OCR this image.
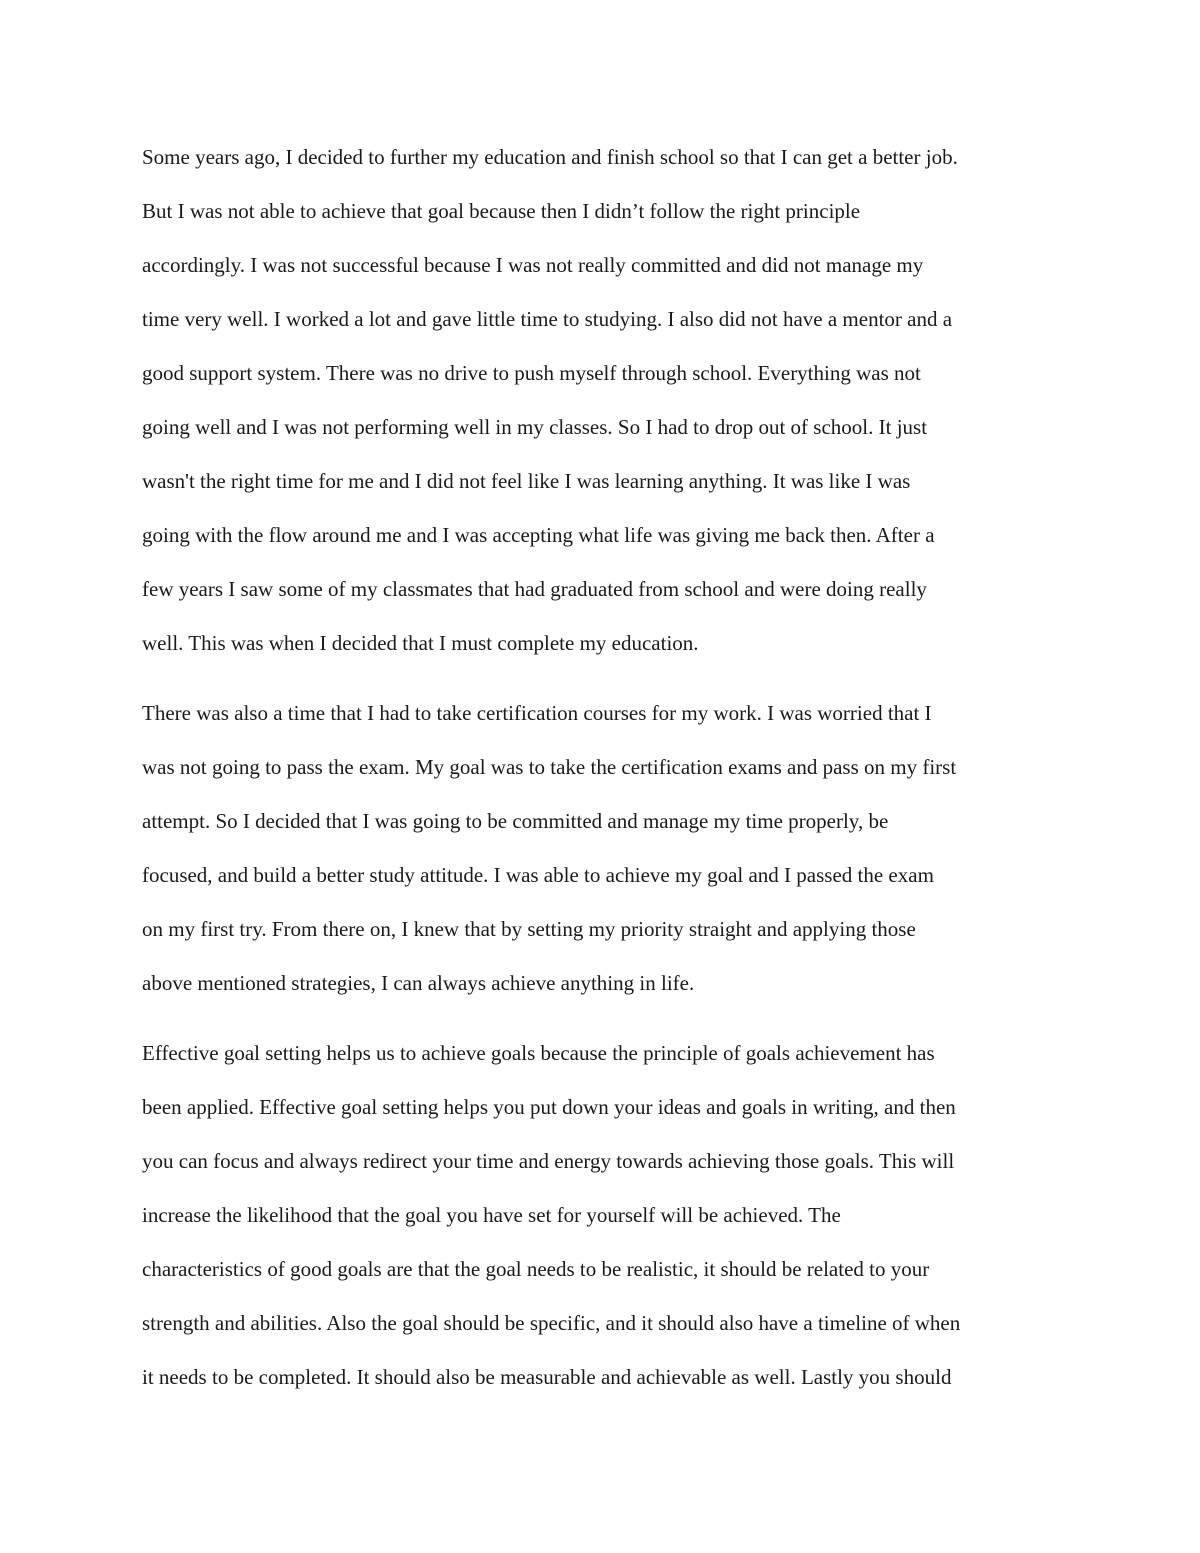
Some years ago, I decided to further my education and finish school so that I can get a better job.
But I was not able to achieve that goal because then I didn’t follow the right principle
accordingly. I was not successful because I was not really committed and did not manage my
time very well. I worked a lot and gave little time to studying. I also did not have a mentor and a
good support system. There was no drive to push myself through school. Everything was not
going well and I was not performing well in my classes. So I had to drop out of school. It just
wasn't the right time for me and I did not feel like I was learning anything. It was like I was
going with the flow around me and I was accepting what life was giving me back then. After a
few years I saw some of my classmates that had graduated from school and were doing really
well. This was when I decided that I must complete my education.
There was also a time that I had to take certification courses for my work. I was worried that I
was not going to pass the exam. My goal was to take the certification exams and pass on my first
attempt. So I decided that I was going to be committed and manage my time properly, be
focused, and build a better study attitude. I was able to achieve my goal and I passed the exam
on my first try. From there on, I knew that by setting my priority straight and applying those
above mentioned strategies, I can always achieve anything in life.
Effective goal setting helps us to achieve goals because the principle of goals achievement has
been applied. Effective goal setting helps you put down your ideas and goals in writing, and then
you can focus and always redirect your time and energy towards achieving those goals. This will
increase the likelihood that the goal you have set for yourself will be achieved. The
characteristics of good goals are that the goal needs to be realistic, it should be related to your
strength and abilities. Also the goal should be specific, and it should also have a timeline of when
it needs to be completed. It should also be measurable and achievable as well. Lastly you should
